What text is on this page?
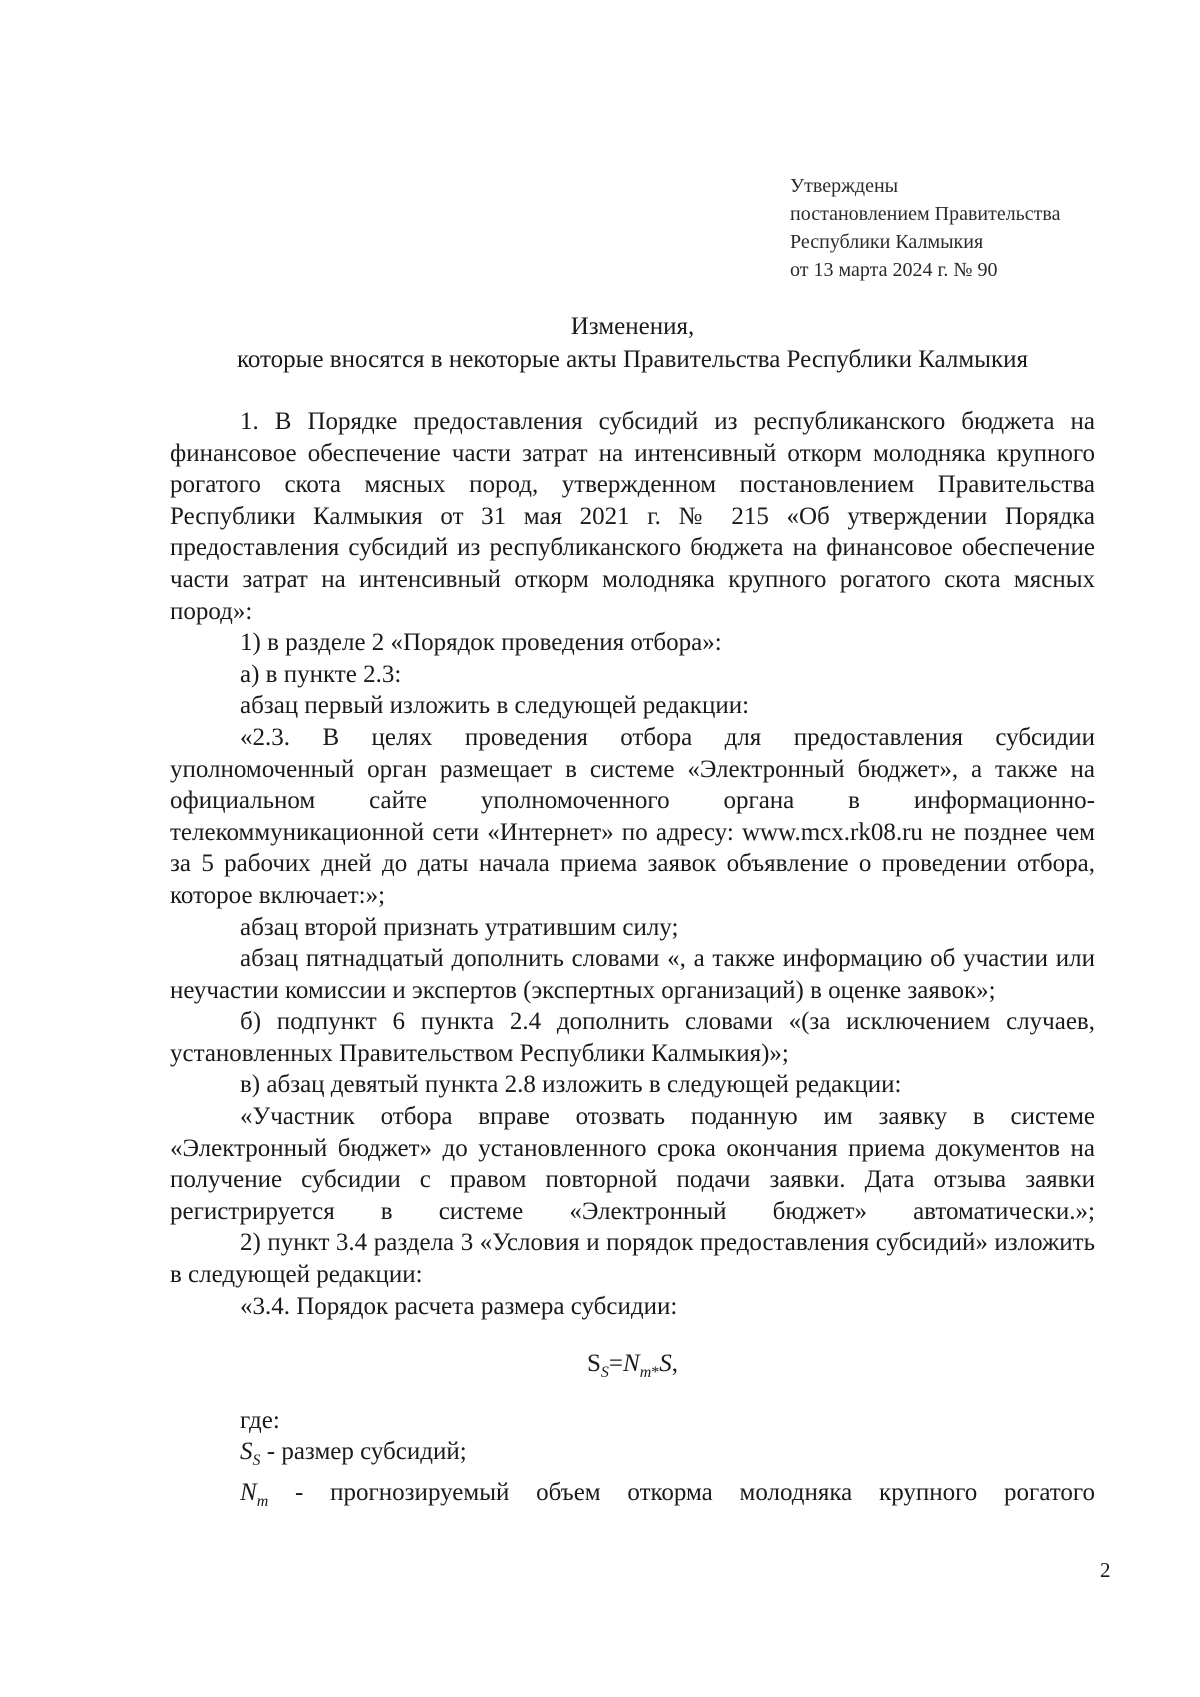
Утверждены
постановлением Правительства
Республики Калмыкия
от 13 марта 2024 г. № 90
Изменения,
которые вносятся в некоторые акты Правительства Республики Калмыкия

1. В Порядке предоставления субсидий из республиканского бюджета на финансовое обеспечение части затрат на интенсивный откорм молодняка крупного рогатого скота мясных пород, утвержденном постановлением Правительства Республики Калмыкия от 31 мая 2021 г. № 215 «Об утверждении Порядка предоставления субсидий из республиканского бюджета на финансовое обеспечение части затрат на интенсивный откорм молодняка крупного рогатого скота мясных пород»:

1) в разделе 2 «Порядок проведения отбора»:

а) в пункте 2.3:

абзац первый изложить в следующей редакции:

«2.3. В целях проведения отбора для предоставления субсидии уполномоченный орган размещает в системе «Электронный бюджет», а также на официальном сайте уполномоченного органа в информационно-телекоммуникационной сети «Интернет» по адресу: www.mcx.rk08.ru не позднее чем за 5 рабочих дней до даты начала приема заявок объявление о проведении отбора, которое включает:»;

абзац второй признать утратившим силу;

абзац пятнадцатый дополнить словами «, а также информацию об участии или неучастии комиссии и экспертов (экспертных организаций) в оценке заявок»;

б) подпункт 6 пункта 2.4 дополнить словами «(за исключением случаев, установленных Правительством Республики Калмыкия)»;

в) абзац девятый пункта 2.8 изложить в следующей редакции:

«Участник отбора вправе отозвать поданную им заявку в системе «Электронный бюджет» до установленного срока окончания приема документов на получение субсидии с правом повторной подачи заявки. Дата отзыва заявки регистрируется в системе «Электронный бюджет» автоматически.»;

2) пункт 3.4 раздела 3 «Условия и порядок предоставления субсидий» изложить в следующей редакции:

«3.4. Порядок расчета размера субсидии:

$S_S=N_{m*}S$,

где:

$S_S$ - размер субсидий;

$N_m$ - прогнозируемый объем откорма молодняка крупного рогатого

2
